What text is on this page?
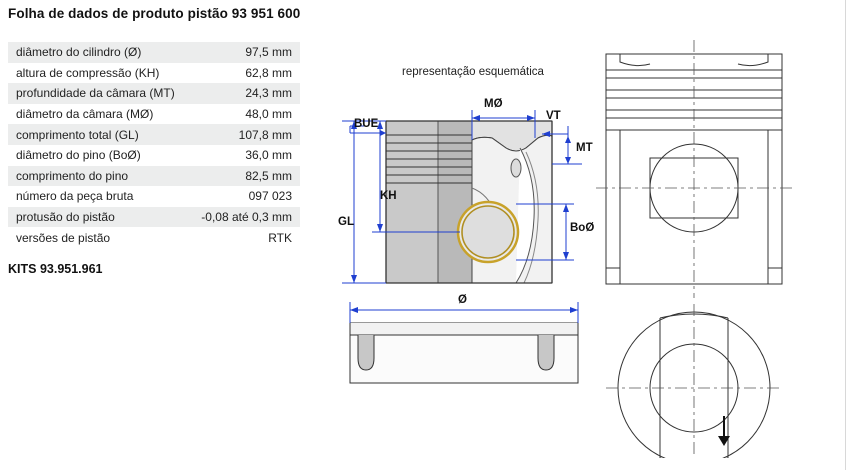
Folha de dados de produto pistão 93 951 600
diâmetro do cilindro (Ø)	97,5 mm
altura de compressão (KH)	62,8 mm
profundidade da câmara (MT)	24,3 mm
diâmetro da câmara (MØ)	48,0 mm
comprimento total (GL)	107,8 mm
diâmetro do pino (BoØ)	36,0 mm
comprimento do pino	82,5 mm
número da peça bruta	097 023
protusão do pistão	-0,08 até 0,3 mm
versões de pistão	RTK
KITS 93.951.961
representação esquemática
BUE
GL
KH
MØ
VT
MT
BoØ
Ø
